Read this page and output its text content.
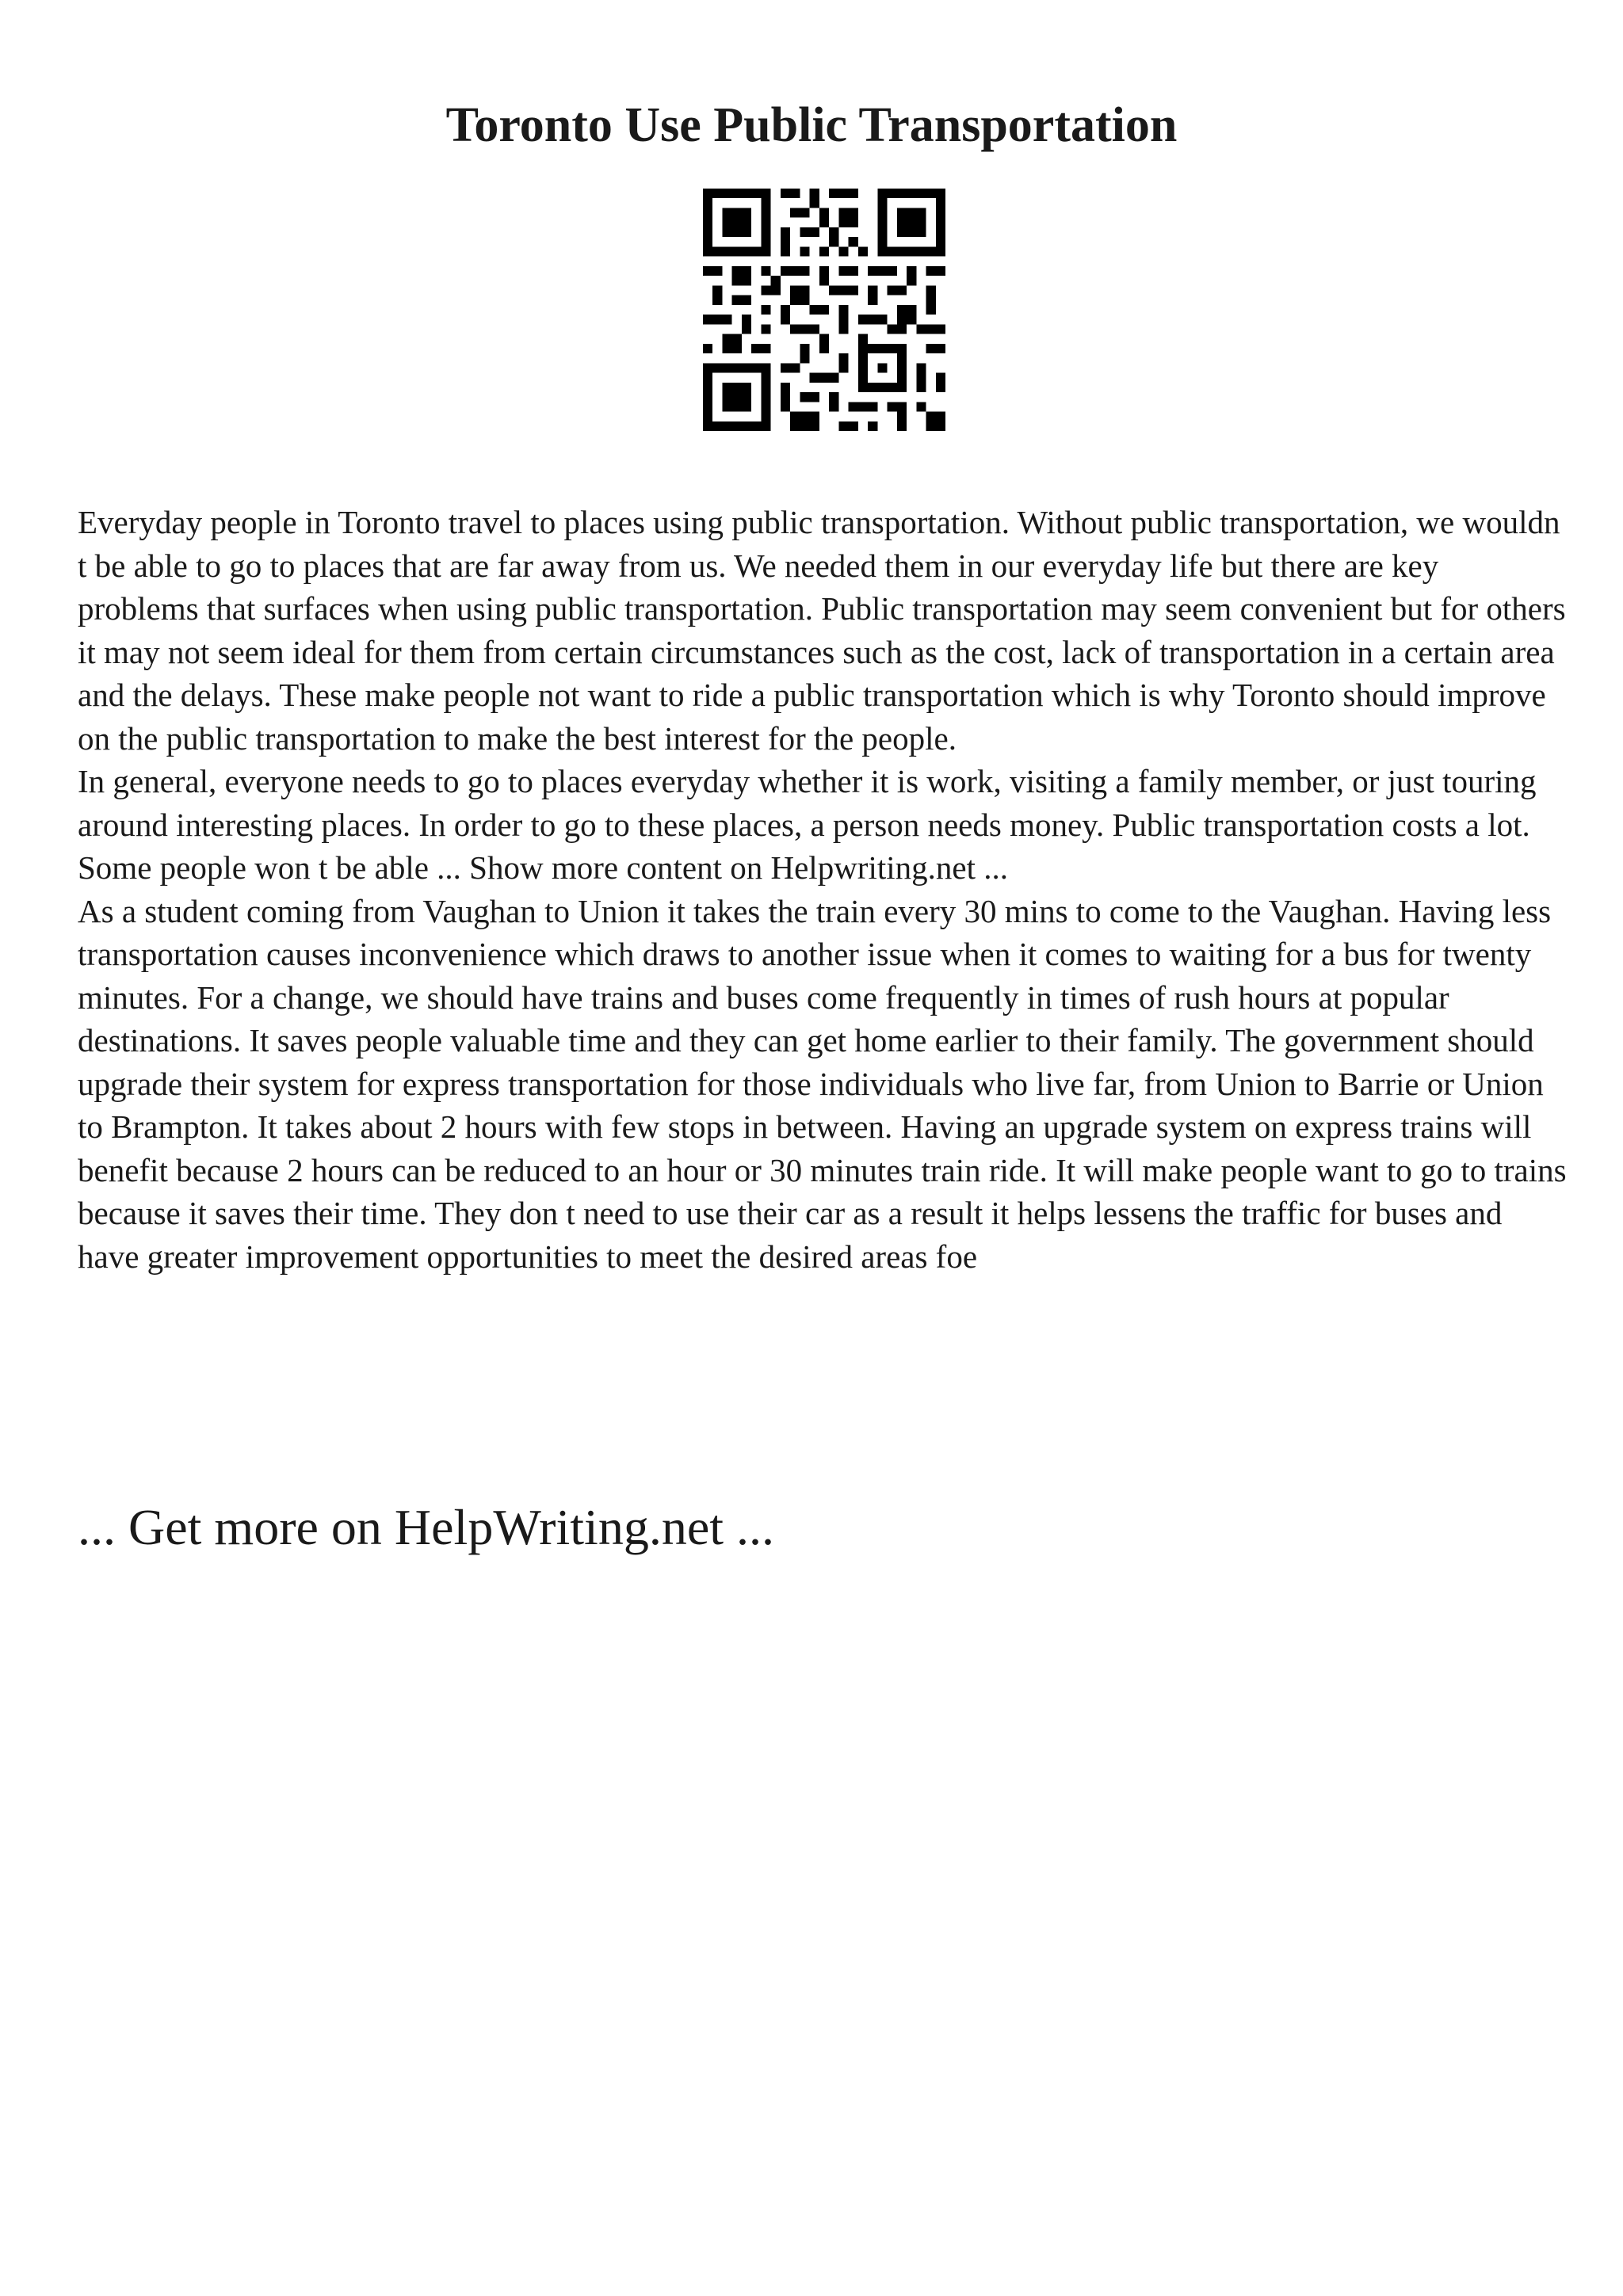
Toronto Use Public Transportation

Everyday people in Toronto travel to places using public transportation. Without public transportation, we wouldn t be able to go to places that are far away from us. We needed them in our everyday life but there are key problems that surfaces when using public transportation. Public transportation may seem convenient but for others it may not seem ideal for them from certain circumstances such as the cost, lack of transportation in a certain area and the delays. These make people not want to ride a public transportation which is why Toronto should improve on the public transportation to make the best interest for the people.

In general, everyone needs to go to places everyday whether it is work, visiting a family member, or just touring around interesting places. In order to go to these places, a person needs money. Public transportation costs a lot. Some people won t be able ... Show more content on Helpwriting.net ...

As a student coming from Vaughan to Union it takes the train every 30 mins to come to the Vaughan. Having less transportation causes inconvenience which draws to another issue when it comes to waiting for a bus for twenty minutes. For a change, we should have trains and buses come frequently in times of rush hours at popular destinations. It saves people valuable time and they can get home earlier to their family. The government should upgrade their system for express transportation for those individuals who live far, from Union to Barrie or Union to Brampton. It takes about 2 hours with few stops in between. Having an upgrade system on express trains will benefit because 2 hours can be reduced to an hour or 30 minutes train ride. It will make people want to go to trains because it saves their time. They don t need to use their car as a result it helps lessens the traffic for buses and have greater improvement opportunities to meet the desired areas foe

... Get more on HelpWriting.net ...
